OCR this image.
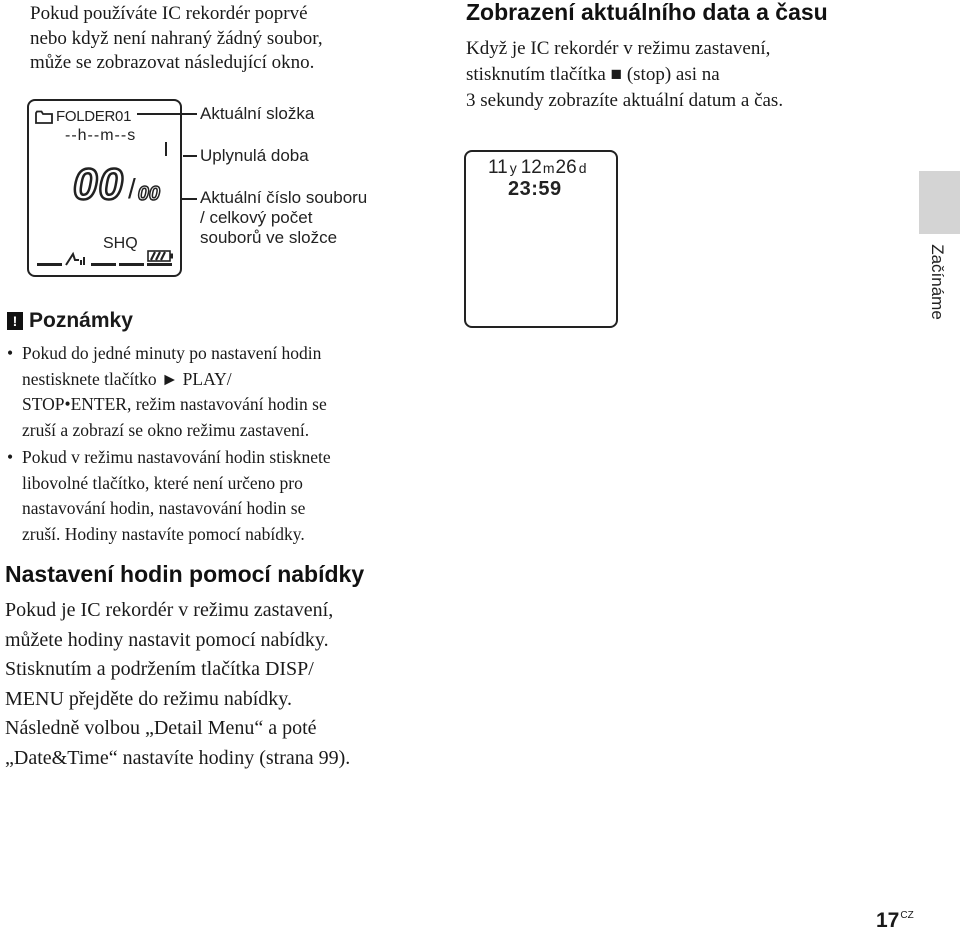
Pokud používáte IC rekordér poprvé
nebo když není nahraný žádný soubor,
může se zobrazovat následující okno.
FOLDER01
--h--m--s
00 / 00
SHQ
Aktuální složka
Uplynulá doba
Aktuální číslo souboru
/ celkový počet
souborů ve složce
! Poznámky
• Pokud do jedné minuty po nastavení hodin
nestisknete tlačítko ► PLAY/
STOP•ENTER, režim nastavování hodin se
zruší a zobrazí se okno režimu zastavení.
• Pokud v režimu nastavování hodin stisknete
libovolné tlačítko, které není určeno pro
nastavování hodin, nastavování hodin se
zruší. Hodiny nastavíte pomocí nabídky.
Nastavení hodin pomocí nabídky
Pokud je IC rekordér v režimu zastavení,
můžete hodiny nastavit pomocí nabídky.
Stisknutím a podržením tlačítka DISP/
MENU přejděte do režimu nabídky.
Následně volbou „Detail Menu“ a poté
„Date&Time“ nastavíte hodiny (strana 99).
Zobrazení aktuálního data a času
Když je IC rekordér v režimu zastavení,
stisknutím tlačítka ■ (stop) asi na
3 sekundy zobrazíte aktuální datum a čas.
11 y 12m26 d
23:59
Začínáme
$17^{CZ}$
